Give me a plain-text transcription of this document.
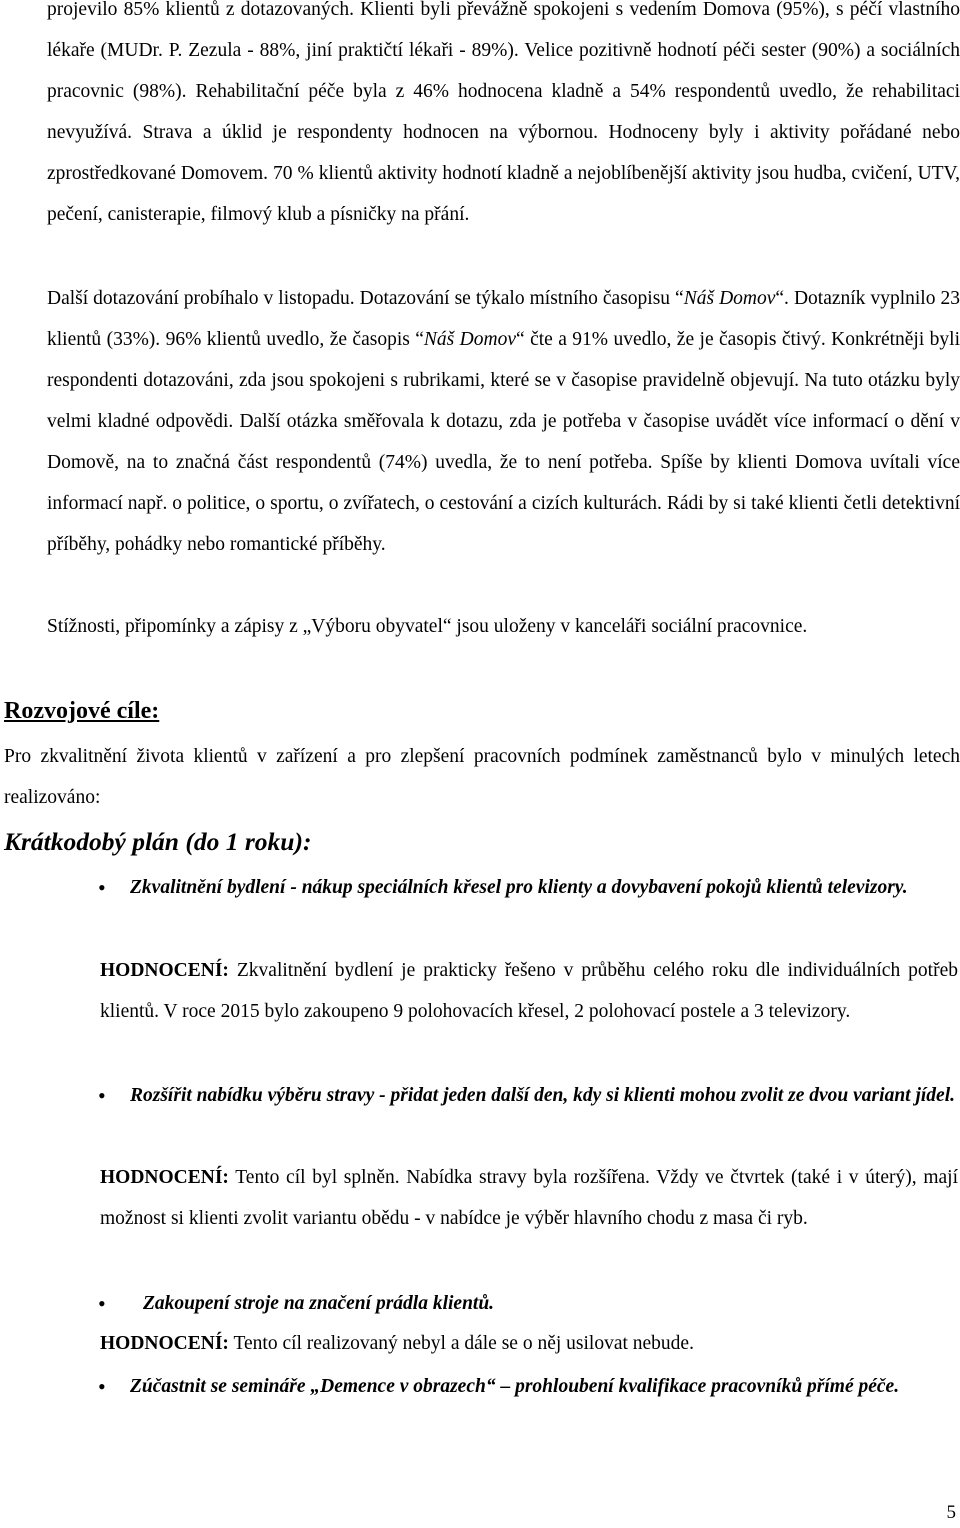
projevilo 85% klientů z dotazovaných. Klienti byli převážně spokojeni s vedením Domova (95%), s péčí vlastního lékaře (MUDr. P. Zezula - 88%, jiní praktičtí lékaři - 89%). Velice pozitivně hodnotí péči sester (90%) a sociálních pracovnic (98%). Rehabilitační péče byla z 46% hodnocena kladně a 54% respondentů uvedlo, že rehabilitaci nevyužívá. Strava a úklid je respondenty hodnocen na výbornou. Hodnoceny byly i aktivity pořádané nebo zprostředkované Domovem. 70 % klientů aktivity hodnotí kladně a nejoblíbenější aktivity jsou hudba, cvičení, UTV, pečení, canisterapie, filmový klub a písničky na přání.

Další dotazování probíhalo v listopadu. Dotazování se týkalo místního časopisu “Náš Domov“. Dotazník vyplnilo 23 klientů (33%). 96% klientů uvedlo, že časopis “Náš Domov“ čte a 91% uvedlo, že je časopis čtivý. Konkrétněji byli respondenti dotazováni, zda jsou spokojeni s rubrikami, které se v časopise pravidelně objevují. Na tuto otázku byly velmi kladné odpovědi. Další otázka směřovala k dotazu, zda je potřeba v časopise uvádět více informací o dění v Domově, na to značná část respondentů (74%) uvedla, že to není potřeba. Spíše by klienti Domova uvítali více informací např. o politice, o sportu, o zvířatech, o cestování a cizích kulturách. Rádi by si také klienti četli detektivní příběhy, pohádky nebo romantické příběhy.

Stížnosti, připomínky a zápisy z „Výboru obyvatel“ jsou uloženy v kanceláři sociální pracovnice.

Rozvojové cíle:

Pro zkvalitnění života klientů v zařízení a pro zlepšení pracovních podmínek zaměstnanců bylo v minulých letech realizováno:

Krátkodobý plán (do 1 roku):
• Zkvalitnění bydlení - nákup speciálních křesel pro klienty a dovybavení pokojů klientů televizory.

HODNOCENÍ: Zkvalitnění bydlení je prakticky řešeno v průběhu celého roku dle individuálních potřeb klientů. V roce 2015 bylo zakoupeno 9 polohovacích křesel, 2 polohovací postele a 3 televizory.

• Rozšířit nabídku výběru stravy - přidat jeden další den, kdy si klienti mohou zvolit ze dvou variant jídel.

HODNOCENÍ: Tento cíl byl splněn. Nabídka stravy byla rozšířena. Vždy ve čtvrtek (také i v úterý), mají možnost si klienti zvolit variantu obědu - v nabídce je výběr hlavního chodu z masa či ryb.

• Zakoupení stroje na značení prádla klientů.

HODNOCENÍ: Tento cíl realizovaný nebyl a dále se o něj usilovat nebude.

• Zúčastnit se semináře „Demence v obrazech“ – prohloubení kvalifikace pracovníků přímé péče.

5
